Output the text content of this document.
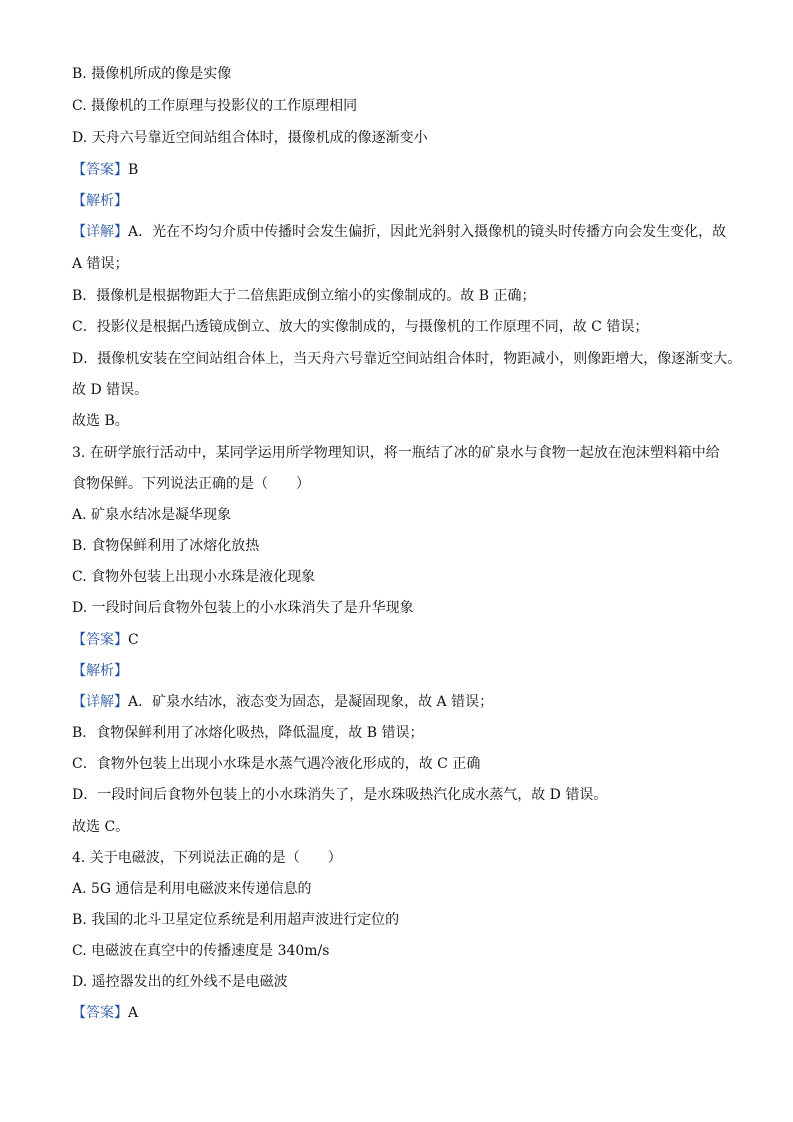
B. 摄像机所成的像是实像
C. 摄像机的工作原理与投影仪的工作原理相同
D. 天舟六号靠近空间站组合体时，摄像机成的像逐渐变小
【答案】B
【解析】
【详解】A．光在不均匀介质中传播时会发生偏折，因此光斜射入摄像机的镜头时传播方向会发生变化，故
A 错误；
B．摄像机是根据物距大于二倍焦距成倒立缩小的实像制成的。故 B 正确；
C．投影仪是根据凸透镜成倒立、放大的实像制成的，与摄像机的工作原理不同，故 C 错误；
D．摄像机安装在空间站组合体上，当天舟六号靠近空间站组合体时，物距减小，则像距增大，像逐渐变大。
故 D 错误。
故选 B。
3. 在研学旅行活动中，某同学运用所学物理知识，将一瓶结了冰的矿泉水与食物一起放在泡沫塑料箱中给
食物保鲜。下列说法正确的是（　　）
A. 矿泉水结冰是凝华现象
B. 食物保鲜利用了冰熔化放热
C. 食物外包装上出现小水珠是液化现象
D. 一段时间后食物外包装上的小水珠消失了是升华现象
【答案】C
【解析】
【详解】A．矿泉水结冰，液态变为固态，是凝固现象，故 A 错误；
B．食物保鲜利用了冰熔化吸热，降低温度，故 B 错误；
C．食物外包装上出现小水珠是水蒸气遇冷液化形成的，故 C 正确
D．一段时间后食物外包装上的小水珠消失了，是水珠吸热汽化成水蒸气，故 D 错误。
故选 C。
4. 关于电磁波，下列说法正确的是（　　）
A. 5G 通信是利用电磁波来传递信息的
B. 我国的北斗卫星定位系统是利用超声波进行定位的
C. 电磁波在真空中的传播速度是 340m/s
D. 遥控器发出的红外线不是电磁波
【答案】A
